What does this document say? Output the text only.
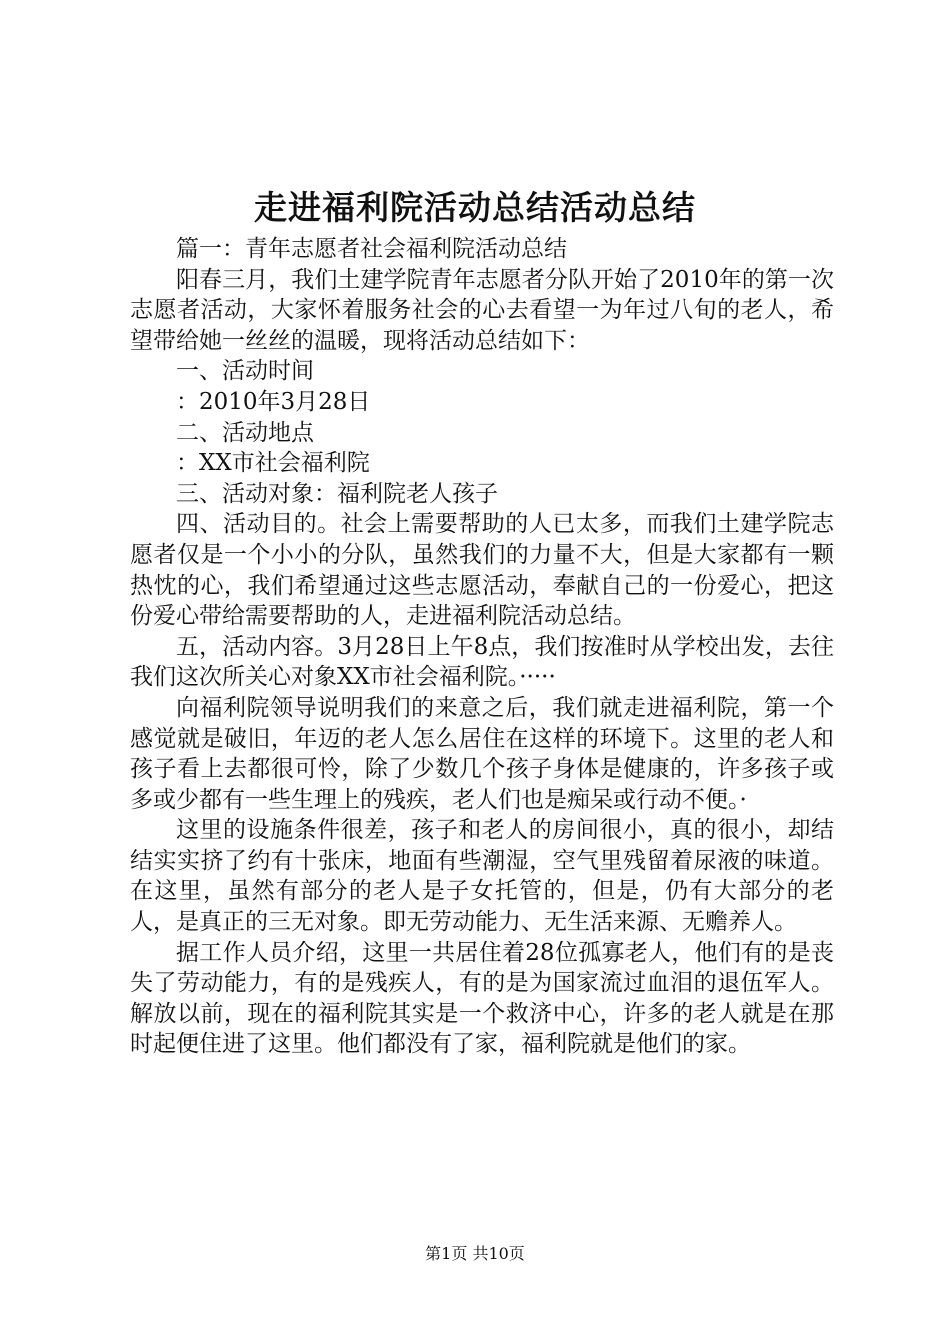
走进福利院活动总结活动总结

篇一：青年志愿者社会福利院活动总结

阳春三月，我们土建学院青年志愿者分队开始了2010年的第一次志愿者活动，大家怀着服务社会的心去看望一为年过八旬的老人，希望带给她一丝丝的温暖，现将活动总结如下：

一、活动时间

：2010年3月28日

二、活动地点

：XX市社会福利院

三、活动对象：福利院老人孩子

四、活动目的。社会上需要帮助的人已太多，而我们土建学院志愿者仅是一个小小的分队，虽然我们的力量不大，但是大家都有一颗热忱的心，我们希望通过这些志愿活动，奉献自己的一份爱心，把这份爱心带给需要帮助的人，走进福利院活动总结。

五，活动内容。3月28日上午8点，我们按准时从学校出发，去往我们这次所关心对象XX市社会福利院。·····

向福利院领导说明我们的来意之后，我们就走进福利院，第一个感觉就是破旧，年迈的老人怎么居住在这样的环境下。这里的老人和孩子看上去都很可怜，除了少数几个孩子身体是健康的，许多孩子或多或少都有一些生理上的残疾，老人们也是痴呆或行动不便。·

这里的设施条件很差，孩子和老人的房间很小，真的很小，却结结实实挤了约有十张床，地面有些潮湿，空气里残留着尿液的味道。在这里，虽然有部分的老人是子女托管的，但是，仍有大部分的老人，是真正的三无对象。即无劳动能力、无生活来源、无赡养人。

据工作人员介绍，这里一共居住着28位孤寡老人，他们有的是丧失了劳动能力，有的是残疾人，有的是为国家流过血泪的退伍军人。解放以前，现在的福利院其实是一个救济中心，许多的老人就是在那时起便住进了这里。他们都没有了家，福利院就是他们的家。

第1页 共10页
